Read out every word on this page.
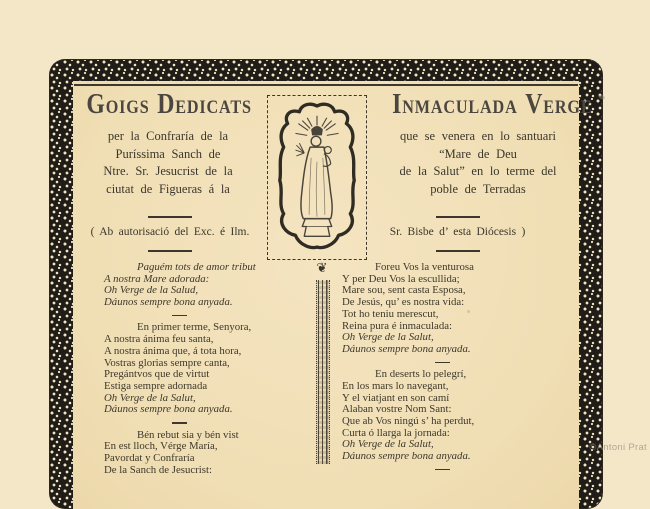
GOIGS DEDICATS
per la Confraría de la
Puríssima Sanch de
Ntre. Sr. Jesucrist de la
ciutat de Figueras á la
INMACULADA VERGE
que se venera en lo santuari
“Mare de Deu
de la Salut” en lo terme del
poble de Terradas
( Ab autorisació del Exc. é Ilm.	Sr. Bisbe d’ esta Diócesis )
❦

Paguém tots de amor tribut

A nostra Mare adorada:

Oh Verge de la Salud,

Dáunos sempre bona anyada.

En primer terme, Senyora,

A nostra ánima feu santa,

A nostra ánima que, á tota hora,

Vostras glorias sempre canta,

Pregántvos que de virtut

Estiga sempre adornada

Oh Verge de la Salut,

Dáunos sempre bona anyada.

Bén rebut sia y bén vist

En est lloch, Vérge María,

Pavordat y Confraría

De la Sanch de Jesucrist:

Foreu Vos la venturosa

Y per Deu Vos la escullida;

Mare sou, sent casta Esposa,

De Jesús, qu’ es nostra vida:

Tot ho teniu merescut,

Reina pura é inmaculada:

Oh Verge de la Salut,

Dáunos sempre bona anyada.

En deserts lo pelegrí,

En los mars lo navegant,

Y el viatjant en son camí

Alaban vostre Nom Sant:

Que ab Vos ningú s’ ha perdut,

Curta ó llarga la jornada:

Oh Verge de la Salut,

Dáunos sempre bona anyada.

©Antoni Prat
